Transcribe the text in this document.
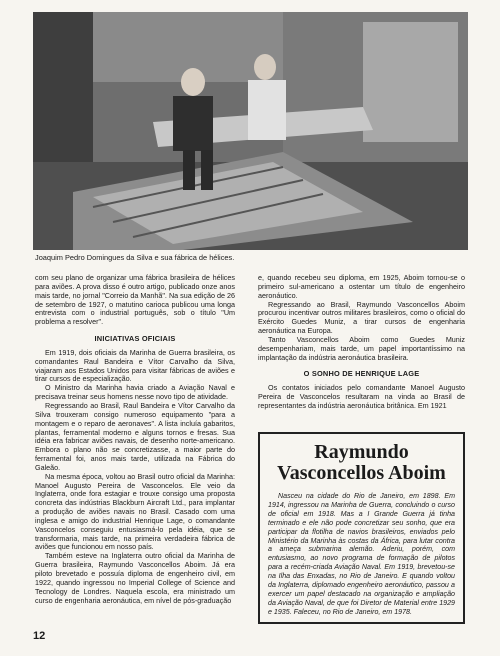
Joaquim Pedro Domingues da Silva e sua fábrica de hélices.

com seu plano de organizar uma fábrica brasileira de hélices para aviões. A prova disso é outro artigo, publicado onze anos mais tarde, no jornal "Correio da Manhã". Na sua edição de 26 de setembro de 1927, o matutino carioca publicou uma longa entrevista com o industrial português, sob o título "Um problema a resolver".

INICIATIVAS OFICIAIS

Em 1919, dois oficiais da Marinha de Guerra brasileira, os comandantes Raul Bandeira e Vítor Carvalho da Silva, viajaram aos Estados Unidos para visitar fábricas de aviões e tirar cursos de especialização.

O Ministro da Marinha havia criado a Aviação Naval e precisava treinar seus homens nesse novo tipo de atividade.

Regressando ao Brasil, Raul Bandeira e Vítor Carvalho da Silva trouxeram consigo numeroso equipamento "para a montagem e o reparo de aeronaves". A lista incluía gabaritos, plantas, ferramental moderno e alguns tornos e fresas. Sua idéia era fabricar aviões navais, de desenho norte-americano. Embora o plano não se concretizasse, a maior parte do ferramental foi, anos mais tarde, utilizada na Fábrica do Galeão.

Na mesma época, voltou ao Brasil outro oficial da Marinha: Manoel Augusto Pereira de Vasconcelos. Ele veio da Inglaterra, onde fora estagiar e trouxe consigo uma proposta concreta das indústrias Blackburn Aircraft Ltd., para implantar a produção de aviões navais no Brasil. Casado com uma inglesa e amigo do industrial Henrique Lage, o comandante Vasconcelos conseguiu entusiasmá-lo pela idéia, que se transformaria, mais tarde, na primeira verdadeira fábrica de aviões que funcionou em nosso país.

Também esteve na Inglaterra outro oficial da Marinha de Guerra brasileira, Raymundo Vasconcellos Aboim. Já era piloto brevetado e possuía diploma de engenheiro civil, em 1922, quando ingressou no Imperial College of Science and Tecnology de Londres. Naquela escola, era ministrado um curso de engenharia aeronáutica, em nível de pós-graduação

e, quando recebeu seu diploma, em 1925, Aboim tornou-se o primeiro sul-americano a ostentar um título de engenheiro aeronáutico.

Regressando ao Brasil, Raymundo Vasconcellos Aboim procurou incentivar outros militares brasileiros, como o oficial do Exército Guedes Muniz, a tirar cursos de engenharia aeronáutica na Europa.

Tanto Vasconcellos Aboim como Guedes Muniz desempenhariam, mais tarde, um papel importantíssimo na implantação da indústria aeronáutica brasileira.

O SONHO DE HENRIQUE LAGE

Os contatos iniciados pelo comandante Manoel Augusto Pereira de Vasconcelos resultaram na vinda ao Brasil de representantes da indústria aeronáutica britânica. Em 1921

Raymundo Vasconcellos Aboim

Nasceu na cidade do Rio de Janeiro, em 1898. Em 1914, ingressou na Marinha de Guerra, concluindo o curso de oficial em 1918. Mas a I Grande Guerra já tinha terminado e ele não pode concretizar seu sonho, que era participar da flotilha de navios brasileiros, enviados pelo Ministério da Marinha às costas da África, para lutar contra a ameça submarina alemão. Aderiu, porém, com entusiasmo, ao novo programa de formação de pilotos para a recém-criada Aviação Naval. Em 1919, brevetou-se na Ilha das Enxadas, no Rio de Janeiro. E quando voltou da Inglaterra, diplomado engenheiro aeronáutico, passou a exercer um papel destacado na organização e ampliação da Aviação Naval, de que foi Diretor de Material entre 1929 e 1935. Faleceu, no Rio de Janeiro, em 1978.

12
